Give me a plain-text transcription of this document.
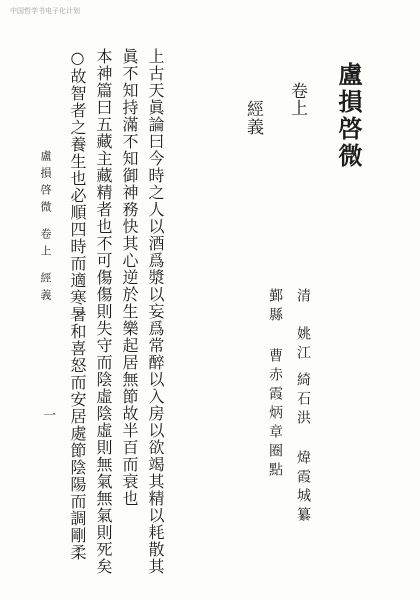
中国哲学书电子化计划
盧損啓微
卷上
經義
清
姚江
綺石洪 煒霞城纂
鄞縣
曹赤霞炳章圈點
上古天眞論曰今時之人以酒爲漿以妄爲常醉以入房以欲竭其精以耗散其
眞不知持滿不知御神務快其心逆於生樂起居無節故半百而衰也
本神篇曰五藏主藏精者也不可傷傷則失守而陰虛陰虛則無氣無氣則死矣
○故智者之養生也必順四時而適寒暑和喜怒而安居處節陰陽而調剛柔
盧損啓微卷上經義
一
